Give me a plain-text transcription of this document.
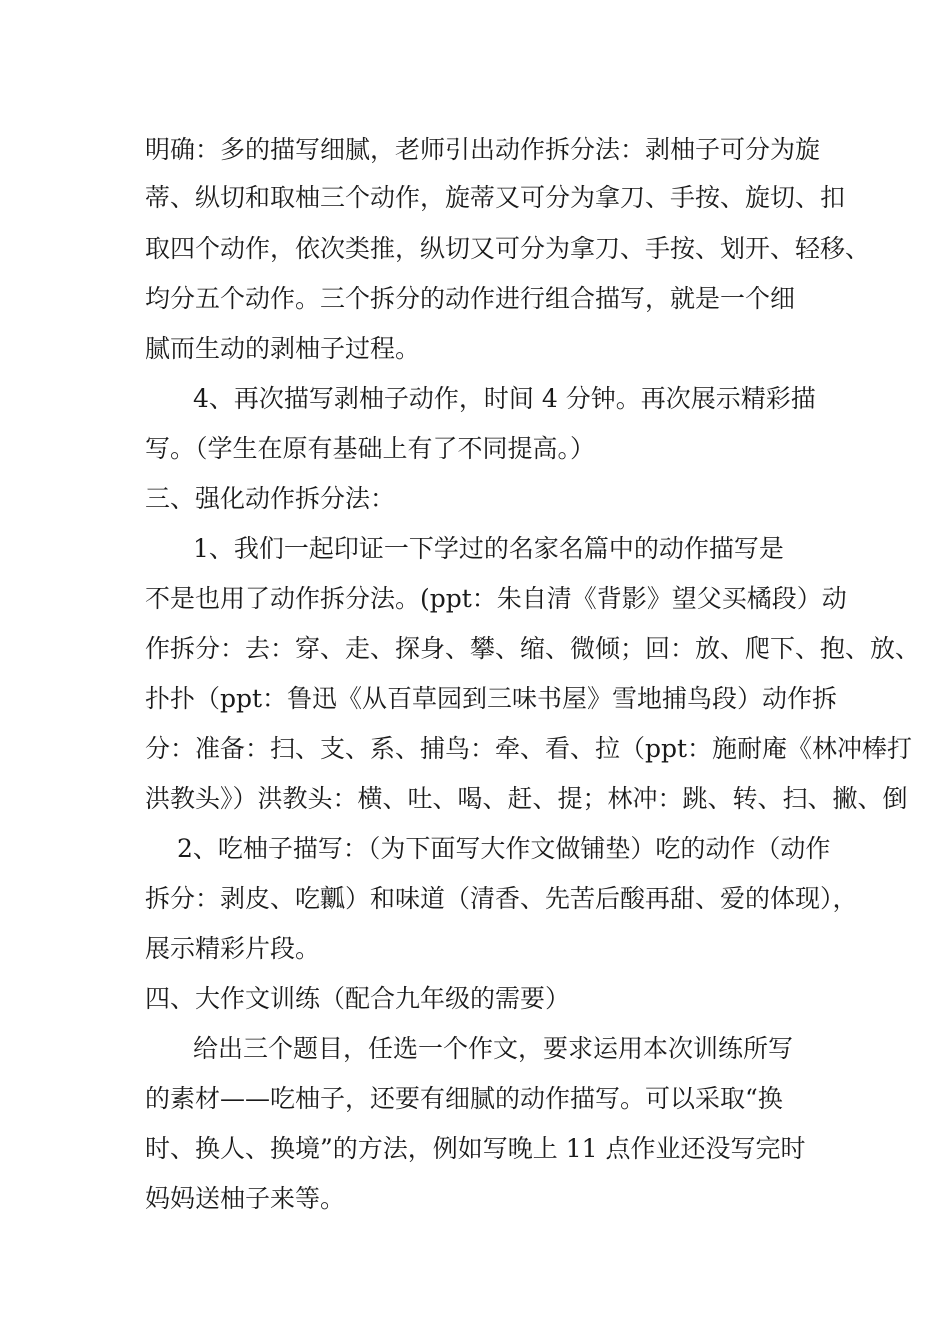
明确：多的描写细腻，老师引出动作拆分法：剥柚子可分为旋
蒂、纵切和取柚三个动作，旋蒂又可分为拿刀、手按、旋切、扣
取四个动作，依次类推，纵切又可分为拿刀、手按、划开、轻移、
均分五个动作。三个拆分的动作进行组合描写，就是一个细
腻而生动的剥柚子过程。
4、再次描写剥柚子动作，时间 4 分钟。再次展示精彩描
写。（学生在原有基础上有了不同提高。）
三、强化动作拆分法：
1、我们一起印证一下学过的名家名篇中的动作描写是
不是也用了动作拆分法。(ppt：朱自清《背影》望父买橘段）动
作拆分：去：穿、走、探身、攀、缩、微倾；回：放、爬下、抱、放、
扑扑（ppt：鲁迅《从百草园到三味书屋》雪地捕鸟段）动作拆
分：准备：扫、支、系、捕鸟：牵、看、拉（ppt：施耐庵《林冲棒打
洪教头》）洪教头：横、吐、喝、赶、提；林冲：跳、转、扫、撇、倒
2、吃柚子描写：（为下面写大作文做铺垫）吃的动作（动作
拆分：剥皮、吃瓤）和味道（清香、先苦后酸再甜、爱的体现），
展示精彩片段。
四、大作文训练（配合九年级的需要）
给出三个题目，任选一个作文，要求运用本次训练所写
的素材——吃柚子，还要有细腻的动作描写。可以采取“换
时、换人、换境”的方法，例如写晚上 11 点作业还没写完时
妈妈送柚子来等。
